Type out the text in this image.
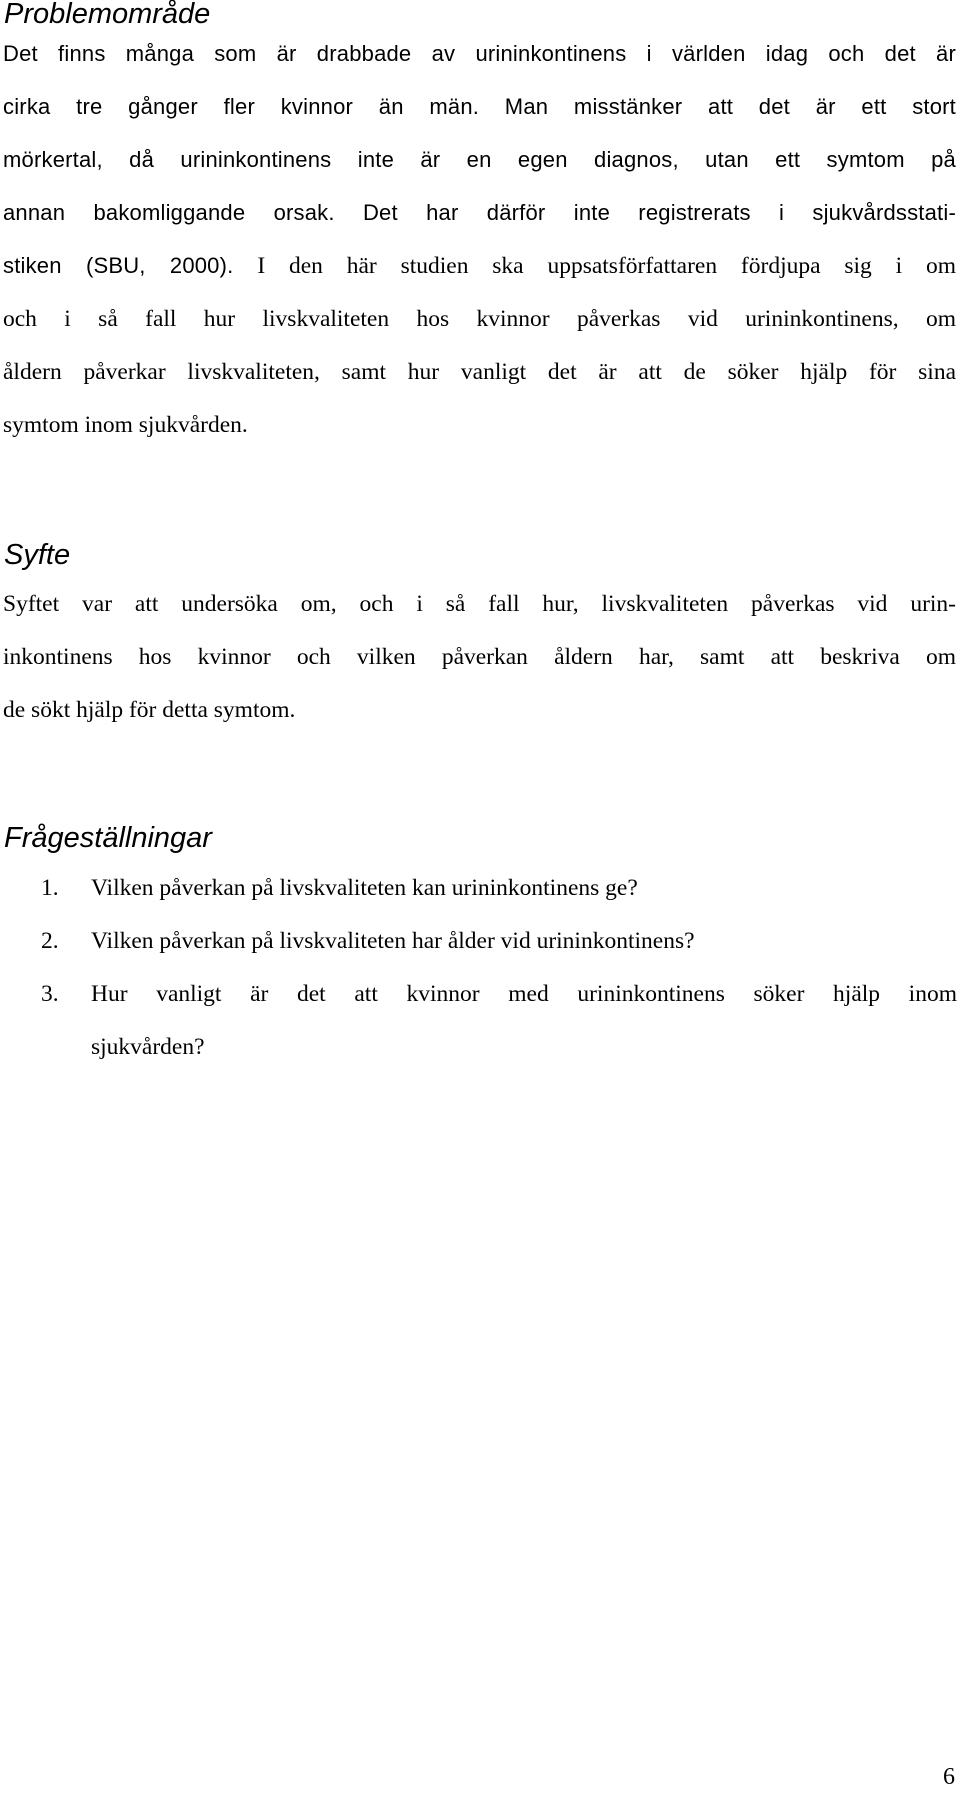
Problemområde
Det finns många som är drabbade av urininkontinens i världen idag och det är
cirka tre gånger fler kvinnor än män. Man misstänker att det är ett stort
mörkertal, då urininkontinens inte är en egen diagnos, utan ett symtom på
annan bakomliggande orsak. Det har därför inte registrerats i sjukvårdsstati-
stiken (SBU, 2000). I den här studien ska uppsatsförfattaren fördjupa sig i om
och i så fall hur livskvaliteten hos kvinnor påverkas vid urininkontinens, om
åldern påverkar livskvaliteten, samt hur vanligt det är att de söker hjälp för sina
symtom inom sjukvården.
Syfte
Syftet var att undersöka om, och i så fall hur, livskvaliteten påverkas vid urin-
inkontinens hos kvinnor och vilken påverkan åldern har, samt att beskriva om
de sökt hjälp för detta symtom.
Frågeställningar
1. Vilken påverkan på livskvaliteten kan urininkontinens ge?
2. Vilken påverkan på livskvaliteten har ålder vid urininkontinens?
3. Hur vanligt är det att kvinnor med urininkontinens söker hjälp inom
sjukvården?
6
